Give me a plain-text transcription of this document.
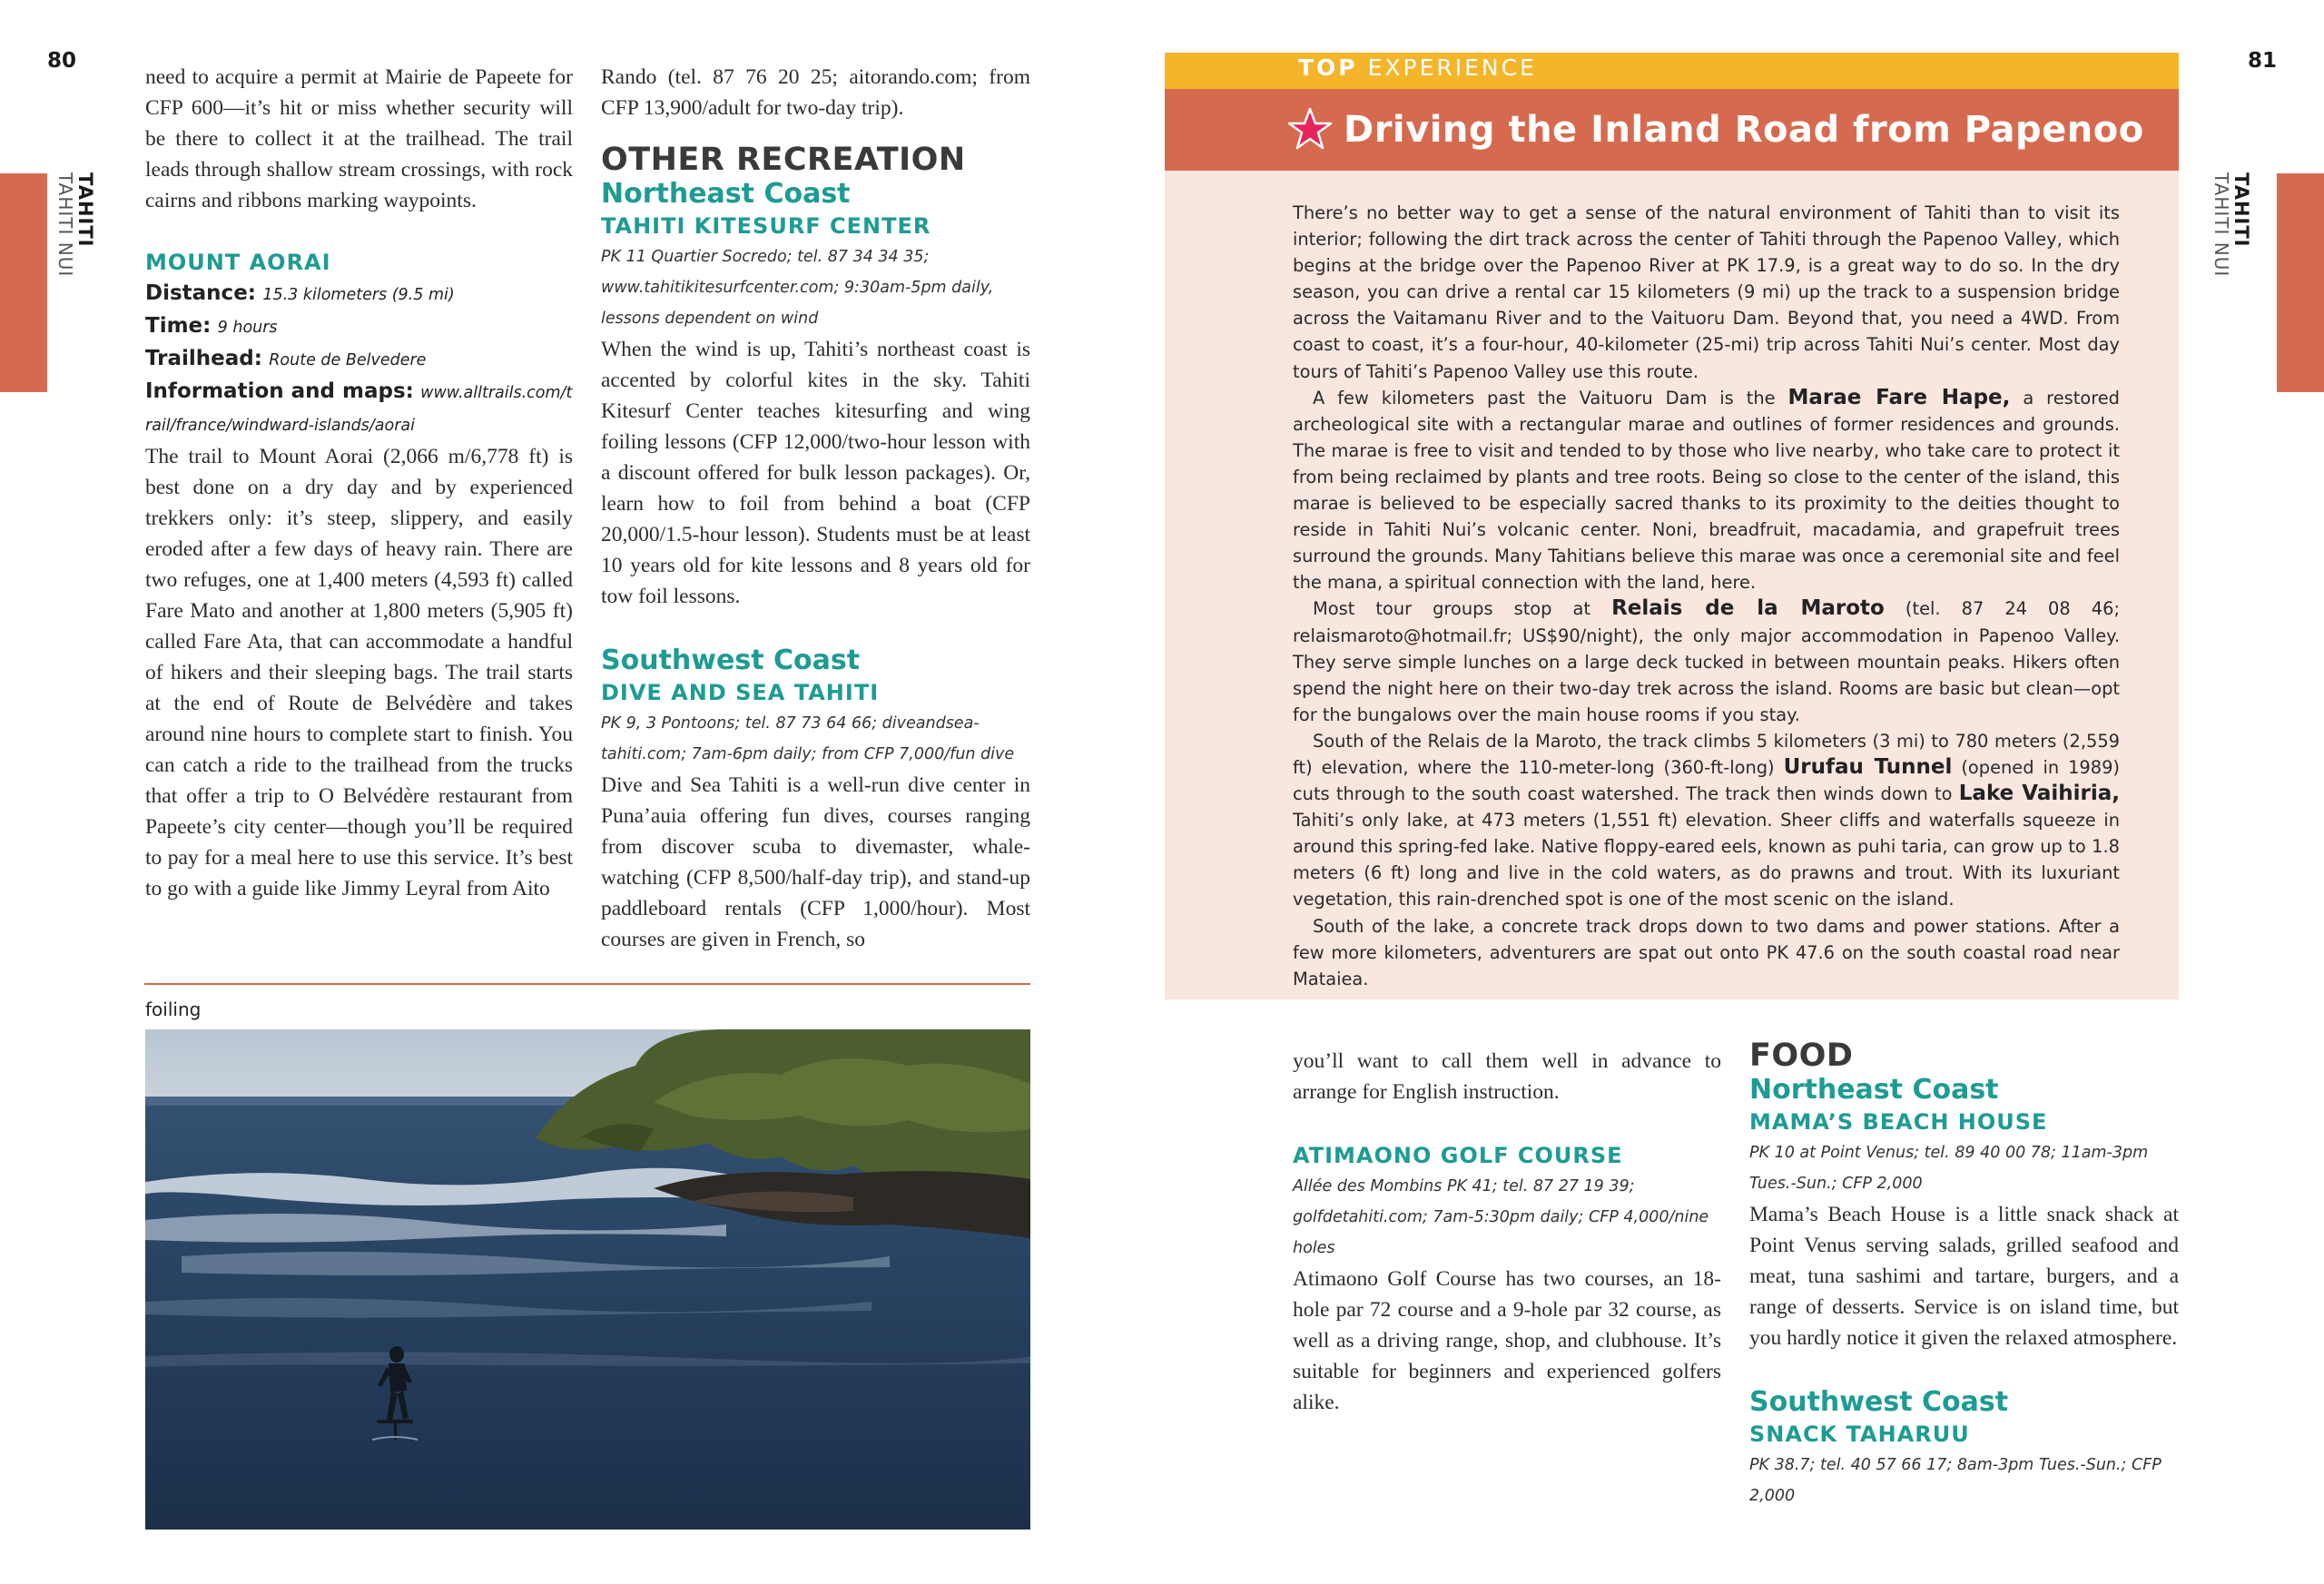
80
TAHITI
TAHITI NUI
need to acquire a permit at Mairie de Papeete for CFP 600—it’s hit or miss whether security will be there to collect it at the trailhead. The trail leads through shallow stream crossings, with rock cairns and ribbons marking waypoints.
MOUNT AORAI
Distance: 15.3 kilometers (9.5 mi)
Time: 9 hours
Trailhead: Route de Belvedere
Information and maps: www.alltrails.com/trail/france/windward-islands/aorai
The trail to Mount Aorai (2,066 m/6,778 ft) is best done on a dry day and by experienced trekkers only: it’s steep, slippery, and easily eroded after a few days of heavy rain. There are two refuges, one at 1,400 meters (4,593 ft) called Fare Mato and another at 1,800 meters (5,905 ft) called Fare Ata, that can accommodate a handful of hikers and their sleeping bags. The trail starts at the end of Route de Belvédère and takes around nine hours to complete start to finish. You can catch a ride to the trailhead from the trucks that offer a trip to O Belvédère restaurant from Papeete’s city center—though you’ll be required to pay for a meal here to use this service. It’s best to go with a guide like Jimmy Leyral from Aito
Rando (tel. 87 76 20 25; aitorando.com; from CFP 13,900/adult for two-day trip).
OTHER RECREATION
Northeast Coast
TAHITI KITESURF CENTER
PK 11 Quartier Socredo; tel. 87 34 34 35; www.tahitikitesurfcenter.com; 9:30am-5pm daily, lessons dependent on wind
When the wind is up, Tahiti’s northeast coast is accented by colorful kites in the sky. Tahiti Kitesurf Center teaches kitesurfing and wing foiling lessons (CFP 12,000/two-hour lesson with a discount offered for bulk lesson packages). Or, learn how to foil from behind a boat (CFP 20,000/1.5-hour lesson). Students must be at least 10 years old for kite lessons and 8 years old for tow foil lessons.
Southwest Coast
DIVE AND SEA TAHITI
PK 9, 3 Pontoons; tel. 87 73 64 66; diveandsea-tahiti.com; 7am-6pm daily; from CFP 7,000/fun dive
Dive and Sea Tahiti is a well-run dive center in Puna’auia offering fun dives, courses ranging from discover scuba to divemaster, whale-watching (CFP 8,500/half-day trip), and stand-up paddleboard rentals (CFP 1,000/hour). Most courses are given in French, so
foiling
81
TAHITI
TAHITI NUI
TOP EXPERIENCE
Driving the Inland Road from Papenoo

There’s no better way to get a sense of the natural environment of Tahiti than to visit its interior; following the dirt track across the center of Tahiti through the Papenoo Valley, which begins at the bridge over the Papenoo River at PK 17.9, is a great way to do so. In the dry season, you can drive a rental car 15 kilometers (9 mi) up the track to a suspension bridge across the Vaitamanu River and to the Vaituoru Dam. Beyond that, you need a 4WD. From coast to coast, it’s a four-hour, 40-kilometer (25-mi) trip across Tahiti Nui’s center. Most day tours of Tahiti’s Papenoo Valley use this route.

A few kilometers past the Vaituoru Dam is the Marae Fare Hape, a restored archeological site with a rectangular marae and outlines of former residences and grounds. The marae is free to visit and tended to by those who live nearby, who take care to protect it from being reclaimed by plants and tree roots. Being so close to the center of the island, this marae is believed to be especially sacred thanks to its proximity to the deities thought to reside in Tahiti Nui’s volcanic center. Noni, breadfruit, macadamia, and grapefruit trees surround the grounds. Many Tahitians believe this marae was once a ceremonial site and feel the mana, a spiritual connection with the land, here.

Most tour groups stop at Relais de la Maroto (tel. 87 24 08 46; relaismaroto@hotmail.fr; US$90/night), the only major accommodation in Papenoo Valley. They serve simple lunches on a large deck tucked in between mountain peaks. Hikers often spend the night here on their two-day trek across the island. Rooms are basic but clean—opt for the bungalows over the main house rooms if you stay.

South of the Relais de la Maroto, the track climbs 5 kilometers (3 mi) to 780 meters (2,559 ft) elevation, where the 110-meter-long (360-ft-long) Urufau Tunnel (opened in 1989) cuts through to the south coast watershed. The track then winds down to Lake Vaihiria, Tahiti’s only lake, at 473 meters (1,551 ft) elevation. Sheer cliffs and waterfalls squeeze in around this spring-fed lake. Native floppy-eared eels, known as puhi taria, can grow up to 1.8 meters (6 ft) long and live in the cold waters, as do prawns and trout. With its luxuriant vegetation, this rain-drenched spot is one of the most scenic on the island.

South of the lake, a concrete track drops down to two dams and power stations. After a few more kilometers, adventurers are spat out onto PK 47.6 on the south coastal road near Mataiea.

you’ll want to call them well in advance to arrange for English instruction.
ATIMAONO GOLF COURSE
Allée des Mombins PK 41; tel. 87 27 19 39; golfdetahiti.com; 7am-5:30pm daily; CFP 4,000/nine holes
Atimaono Golf Course has two courses, an 18-hole par 72 course and a 9-hole par 32 course, as well as a driving range, shop, and clubhouse. It’s suitable for beginners and experienced golfers alike.
FOOD
Northeast Coast
MAMA’S BEACH HOUSE
PK 10 at Point Venus; tel. 89 40 00 78; 11am-3pm Tues.-Sun.; CFP 2,000
Mama’s Beach House is a little snack shack at Point Venus serving salads, grilled seafood and meat, tuna sashimi and tartare, burgers, and a range of desserts. Service is on island time, but you hardly notice it given the relaxed atmosphere.
Southwest Coast
SNACK TAHARUU
PK 38.7; tel. 40 57 66 17; 8am-3pm Tues.-Sun.; CFP 2,000
